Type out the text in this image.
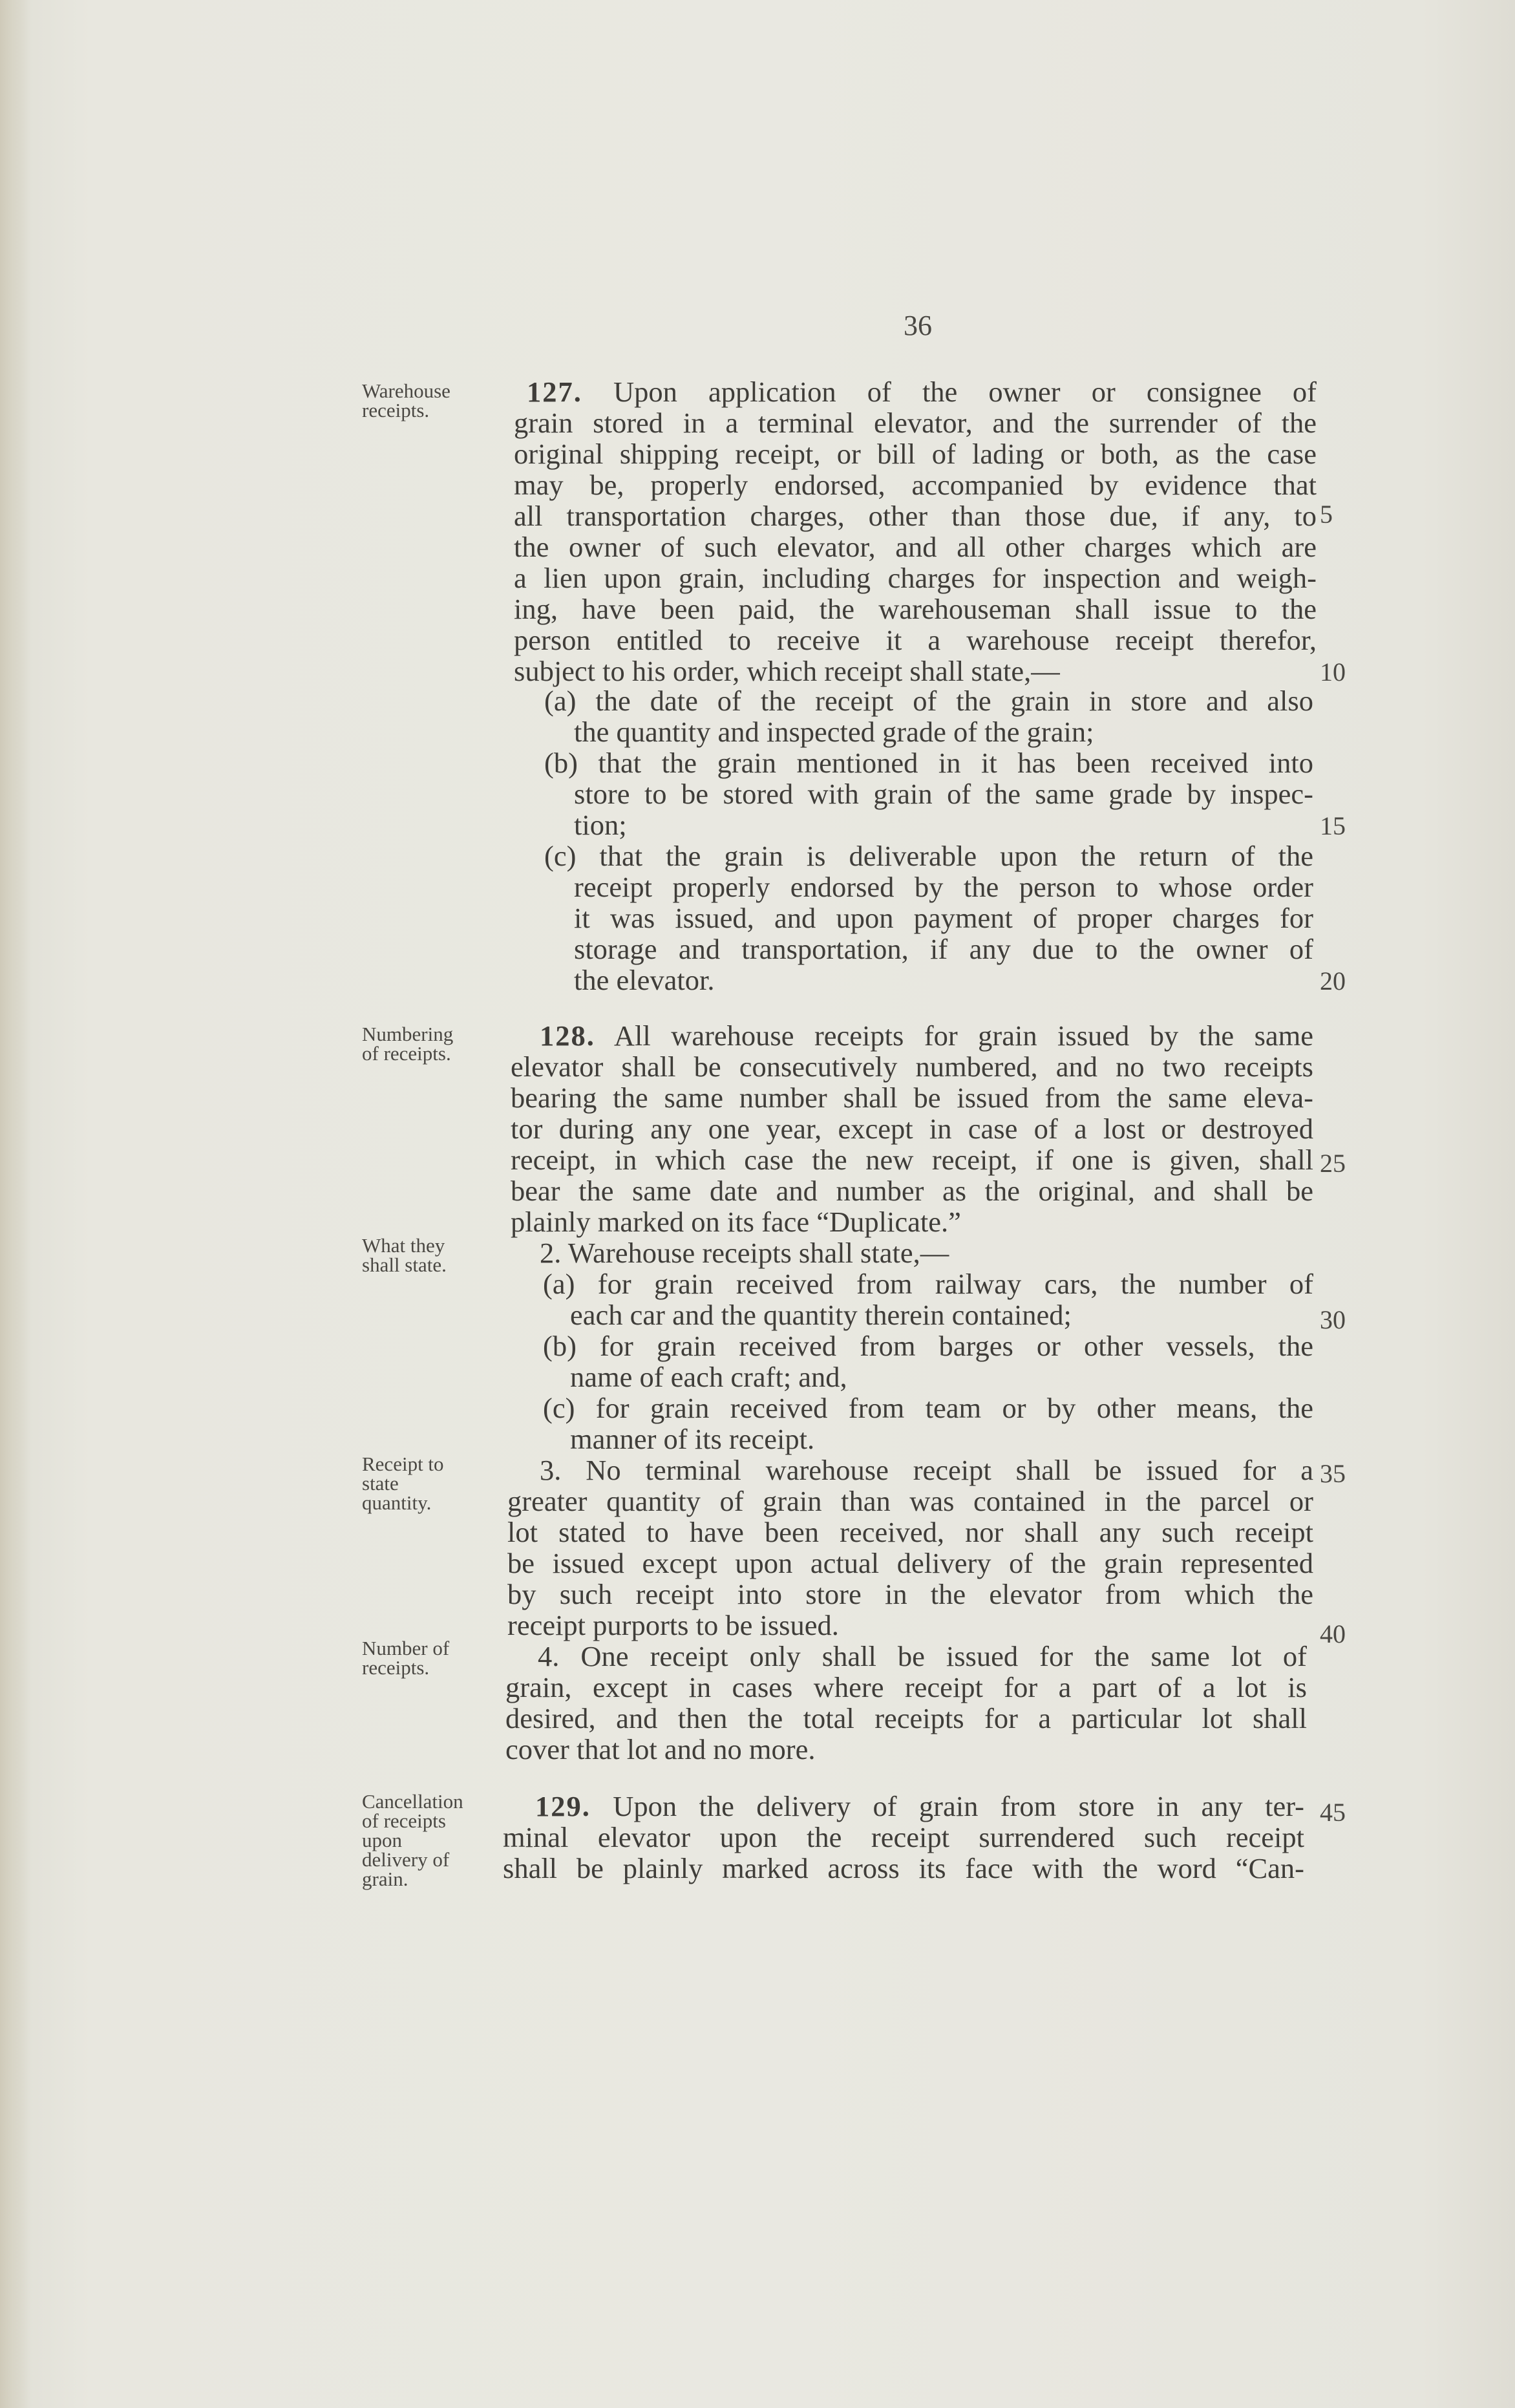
36
Warehouse
receipts.
Numbering
of receipts.
What they
shall state.
Receipt to
state
quantity.
Number of
receipts.
Cancellation
of receipts
upon
delivery of
grain.
127. Upon application of the owner or consignee of
grain stored in a terminal elevator, and the surrender of the
original shipping receipt, or bill of lading or both, as the case
may be, properly endorsed, accompanied by evidence that
all transportation charges, other than those due, if any, to
the owner of such elevator, and all other charges which are
a lien upon grain, including charges for inspection and weigh-
ing, have been paid, the warehouseman shall issue to the
person entitled to receive it a warehouse receipt therefor,
subject to his order, which receipt shall state,—
(a) the date of the receipt of the grain in store and also
the quantity and inspected grade of the grain;
(b) that the grain mentioned in it has been received into
store to be stored with grain of the same grade by inspec-
tion;
(c) that the grain is deliverable upon the return of the
receipt properly endorsed by the person to whose order
it was issued, and upon payment of proper charges for
storage and transportation, if any due to the owner of
the elevator.
128. All warehouse receipts for grain issued by the same
elevator shall be consecutively numbered, and no two receipts
bearing the same number shall be issued from the same eleva-
tor during any one year, except in case of a lost or destroyed
receipt, in which case the new receipt, if one is given, shall
bear the same date and number as the original, and shall be
plainly marked on its face “Duplicate.”
2. Warehouse receipts shall state,—
(a) for grain received from railway cars, the number of
each car and the quantity therein contained;
(b) for grain received from barges or other vessels, the
name of each craft; and,
(c) for grain received from team or by other means, the
manner of its receipt.
3. No terminal warehouse receipt shall be issued for a
greater quantity of grain than was contained in the parcel or
lot stated to have been received, nor shall any such receipt
be issued except upon actual delivery of the grain represented
by such receipt into store in the elevator from which the
receipt purports to be issued.
4. One receipt only shall be issued for the same lot of
grain, except in cases where receipt for a part of a lot is
desired, and then the total receipts for a particular lot shall
cover that lot and no more.
129. Upon the delivery of grain from store in any ter-
minal elevator upon the receipt surrendered such receipt
shall be plainly marked across its face with the word “Can-
5
10
15
20
25
30
35
40
45
